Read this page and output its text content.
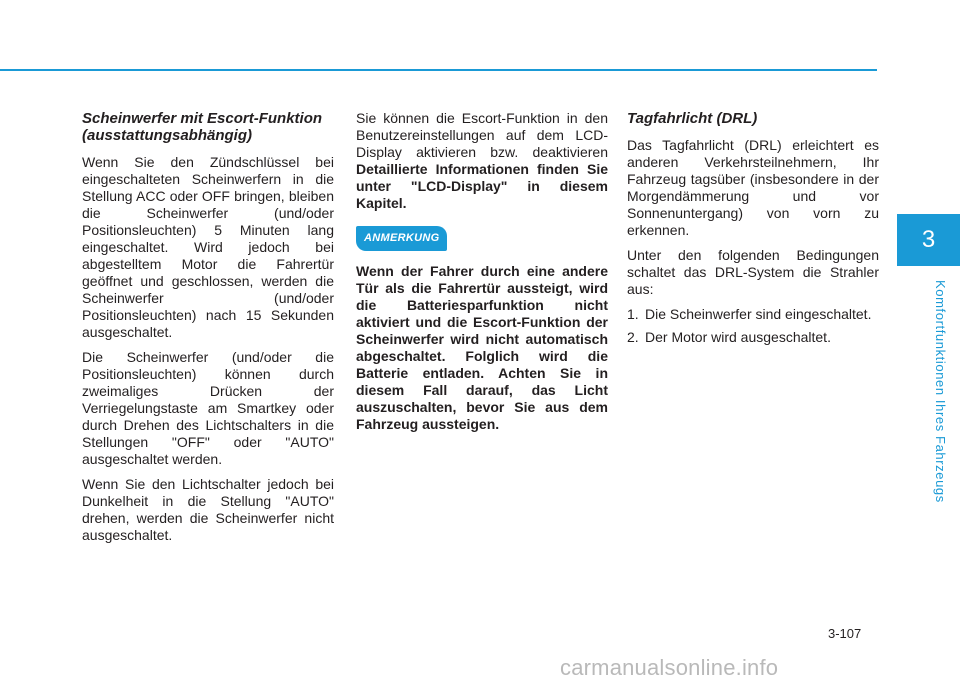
3
Komfortfunktionen Ihres Fahrzeugs
Scheinwerfer mit Escort-Funktion (ausstattungsabhängig)

Wenn Sie den Zündschlüssel bei eingeschalteten Scheinwerfern in die Stellung ACC oder OFF bringen, bleiben die Scheinwerfer (und/oder Positionsleuchten) 5 Minuten lang eingeschaltet. Wird jedoch bei abgestelltem Motor die Fahrertür geöffnet und geschlossen, werden die Scheinwerfer (und/oder Positionsleuchten) nach 15 Sekunden ausgeschaltet.

Die Scheinwerfer (und/oder die Positionsleuchten) können durch zweimaliges Drücken der Verriegelungstaste am Smartkey oder durch Drehen des Lichtschalters in die Stellungen "OFF" oder "AUTO" ausgeschaltet werden.

Wenn Sie den Lichtschalter jedoch bei Dunkelheit in die Stellung "AUTO" drehen, werden die Scheinwerfer nicht ausgeschaltet.

Sie können die Escort-Funktion in den Benutzereinstellungen auf dem LCD-Display aktivieren bzw. deaktivieren Detaillierte Informationen finden Sie unter "LCD-Display" in diesem Kapitel.

ANMERKUNG

Wenn der Fahrer durch eine andere Tür als die Fahrertür aussteigt, wird die Batteriesparfunktion nicht aktiviert und die Escort-Funktion der Scheinwerfer wird nicht automatisch abgeschaltet. Folglich wird die Batterie entladen. Achten Sie in diesem Fall darauf, das Licht auszuschalten, bevor Sie aus dem Fahrzeug aussteigen.

Tagfahrlicht (DRL)

Das Tagfahrlicht (DRL) erleichtert es anderen Verkehrsteilnehmern, Ihr Fahrzeug tagsüber (insbesondere in der Morgendämmerung und vor Sonnenuntergang) von vorn zu erkennen.

Unter den folgenden Bedingungen schaltet das DRL-System die Strahler aus:

1. Die Scheinwerfer sind eingeschaltet.
2. Der Motor wird ausgeschaltet.
3-107
carmanualsonline.info
